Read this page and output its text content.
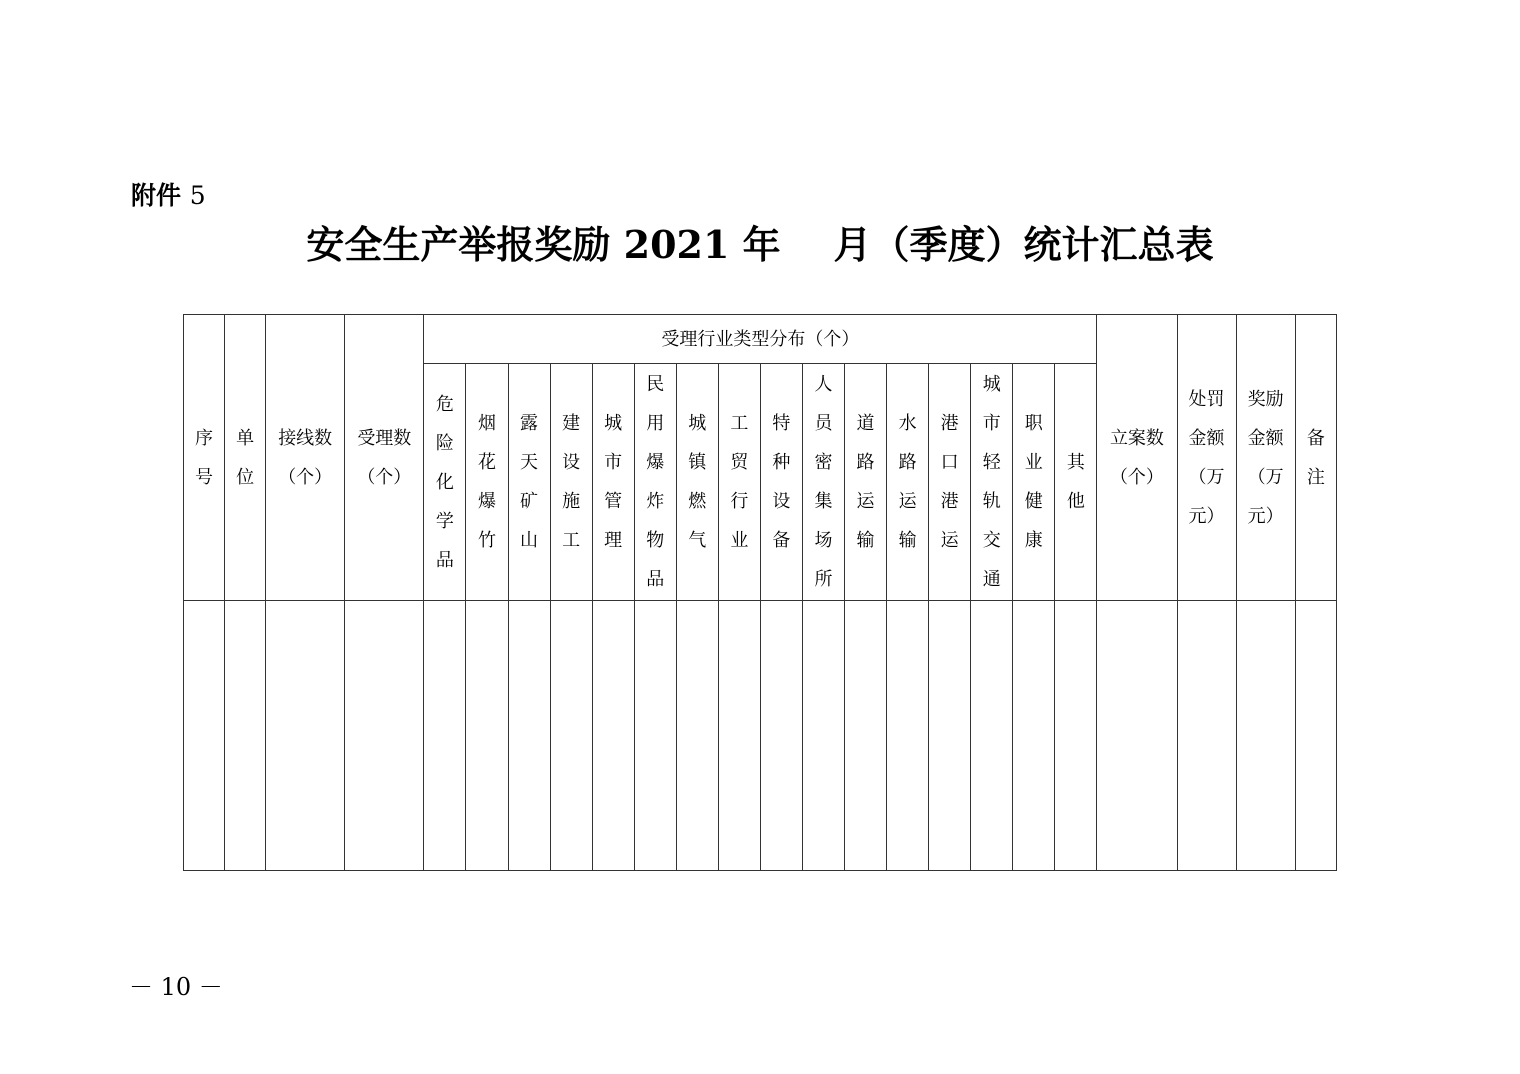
附件 5
安全生产举报奖励 2021 年    月（季度）统计汇总表
序号	单位	接线数（个）	受理数（个）	受理行业类型分布（个）																立案数（个）	处罚金额（万元）	奖励金额（万元）	备注
				危险化学品	烟花爆竹	露天矿山	建设施工	城市管理	民用爆炸物品	城镇燃气	工贸行业	特种设备	人员密集场所	道路运输	水路运输	港口港运	城市轻轨交通	职业健康	其他				

－ 10 －
